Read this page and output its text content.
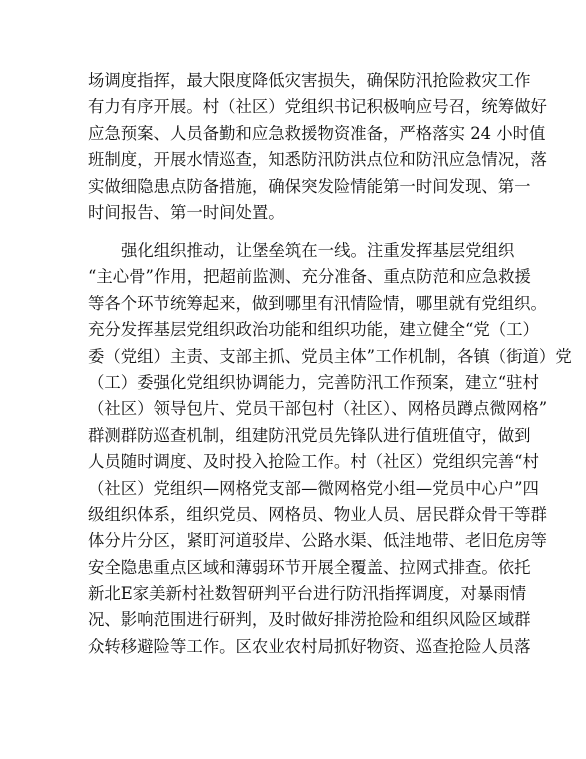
场调度指挥，最大限度降低灾害损失，确保防汛抢险救灾工作
有力有序开展。村（社区）党组织书记积极响应号召，统筹做好
应急预案、人员备勤和应急救援物资准备，严格落实 24 小时值
班制度，开展水情巡查，知悉防汛防洪点位和防汛应急情况，落
实做细隐患点防备措施，确保突发险情能第一时间发现、第一
时间报告、第一时间处置。
强化组织推动，让堡垒筑在一线。注重发挥基层党组织
“主心骨”作用，把超前监测、充分准备、重点防范和应急救援
等各个环节统筹起来，做到哪里有汛情险情，哪里就有党组织。
充分发挥基层党组织政治功能和组织功能，建立健全“党（工）
委（党组）主责、支部主抓、党员主体”工作机制，各镇（街道）党
（工）委强化党组织协调能力，完善防汛工作预案，建立“驻村
（社区）领导包片、党员干部包村（社区）、网格员蹲点微网格”
群测群防巡查机制，组建防汛党员先锋队进行值班值守，做到
人员随时调度、及时投入抢险工作。村（社区）党组织完善“村
（社区）党组织—网格党支部—微网格党小组—党员中心户”四
级组织体系，组织党员、网格员、物业人员、居民群众骨干等群
体分片分区，紧盯河道驳岸、公路水渠、低洼地带、老旧危房等
安全隐患重点区域和薄弱环节开展全覆盖、拉网式排查。依托
新北E家美新村社数智研判平台进行防汛指挥调度，对暴雨情
况、影响范围进行研判，及时做好排涝抢险和组织风险区域群
众转移避险等工作。区农业农村局抓好物资、巡查抢险人员落
